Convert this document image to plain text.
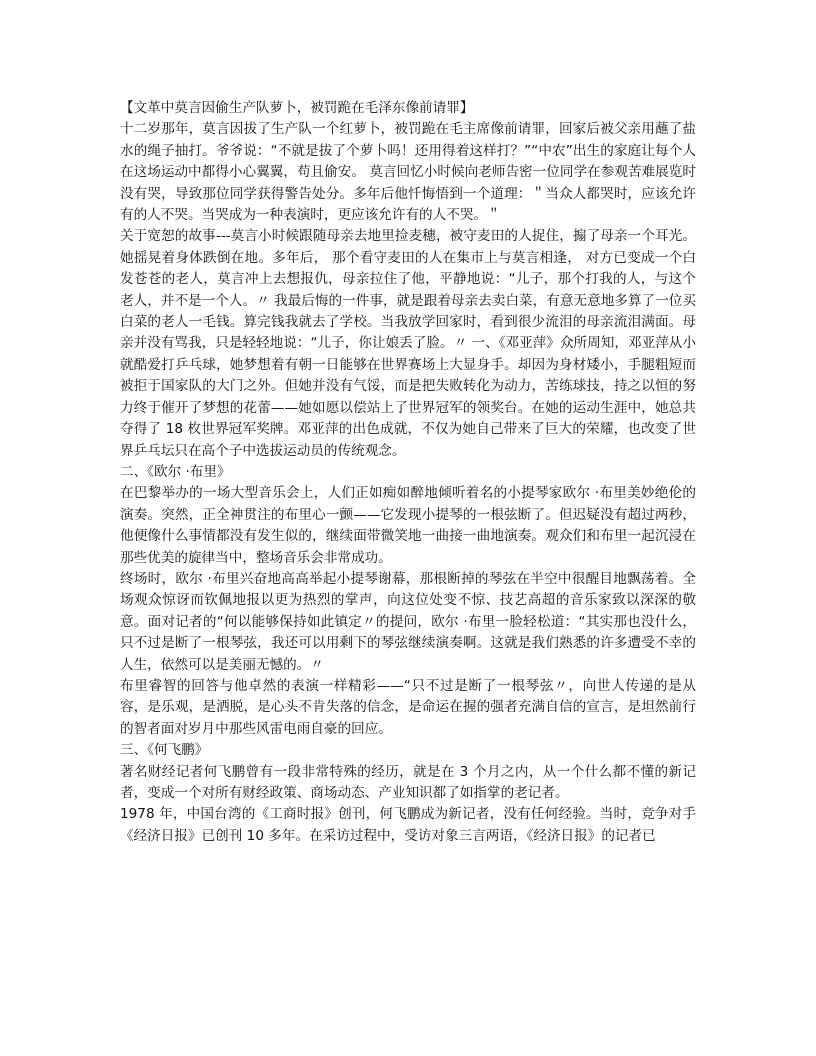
【文革中莫言因偷生产队萝卜，被罚跪在毛泽东像前请罪】

十二岁那年，莫言因拔了生产队一个红萝卜，被罚跪在毛主席像前请罪，回家后被父亲用蘸了盐水的绳子抽打。爷爷说：“不就是拔了个萝卜吗！还用得着这样打？”“中农”出生的家庭让每个人在这场运动中都得小心翼翼，苟且偷安。 莫言回忆小时候向老师告密一位同学在参观苦难展览时没有哭，导致那位同学获得警告处分。多年后他忏悔悟到一个道理：＂当众人都哭时，应该允许有的人不哭。当哭成为一种表演时，更应该允许有的人不哭。＂

关于宽恕的故事---莫言小时候跟随母亲去地里捡麦穗，被守麦田的人捉住，搧了母亲一个耳光。她摇晃着身体跌倒在地。多年后， 那个看守麦田的人在集市上与莫言相逢， 对方已变成一个白发苍苍的老人，莫言冲上去想报仇，母亲拉住了他，平静地说：“儿子，那个打我的人，与这个老人，并不是一个人。〃 我最后悔的一件事，就是跟着母亲去卖白菜，有意无意地多算了一位买白菜的老人一毛钱。算完钱我就去了学校。当我放学回家时，看到很少流泪的母亲流泪满面。母亲并没有骂我，只是轻轻地说：“儿子，你让娘丢了脸。〃 一、《邓亚萍》众所周知，邓亚萍从小就酷爱打乒乓球，她梦想着有朝一日能够在世界赛场上大显身手。却因为身材矮小，手腿粗短而被拒于国家队的大门之外。但她并没有气馁，而是把失败转化为动力，苦练球技，持之以恒的努力终于催开了梦想的花蕾——她如愿以偿站上了世界冠军的领奖台。在她的运动生涯中，她总共夺得了 18 枚世界冠军奖牌。邓亚萍的出色成就，不仅为她自己带来了巨大的荣耀，也改变了世界乒乓坛只在高个子中选拔运动员的传统观念。

二、《欧尔 ·布里》

在巴黎举办的一场大型音乐会上，人们正如痴如醉地倾听着名的小提琴家欧尔 ·布里美妙绝伦的演奏。突然，正全神贯注的布里心一颤——它发现小提琴的一根弦断了。但迟疑没有超过两秒，他便像什么事情都没有发生似的，继续面带微笑地一曲接一曲地演奏。观众们和布里一起沉浸在那些优美的旋律当中，整场音乐会非常成功。

终场时，欧尔 ·布里兴奋地高高举起小提琴谢幕，那根断掉的琴弦在半空中很醒目地飘荡着。全场观众惊讶而钦佩地报以更为热烈的掌声，向这位处变不惊、技艺高超的音乐家致以深深的敬意。面对记者的“何以能够保持如此镇定〃的提问，欧尔 ·布里一脸轻松道：“其实那也没什么，只不过是断了一根琴弦，我还可以用剩下的琴弦继续演奏啊。这就是我们熟悉的许多遭受不幸的人生，依然可以是美丽无憾的。〃

布里睿智的回答与他卓然的表演一样精彩——“只不过是断了一根琴弦〃，向世人传递的是从容，是乐观，是洒脱，是心头不肯失落的信念，是命运在握的强者充满自信的宣言，是坦然前行的智者面对岁月中那些风雷电雨自豪的回应。

三、《何飞鹏》

著名财经记者何飞鹏曾有一段非常特殊的经历，就是在 3 个月之内，从一个什么都不懂的新记者，变成一个对所有财经政策、商场动态、产业知识都了如指掌的老记者。

1978 年，中国台湾的《工商时报》创刊，何飞鹏成为新记者，没有任何经验。当时，竞争对手《经济日报》已创刊 10 多年。在采访过程中，受访对象三言两语，《经济日报》的记者已
